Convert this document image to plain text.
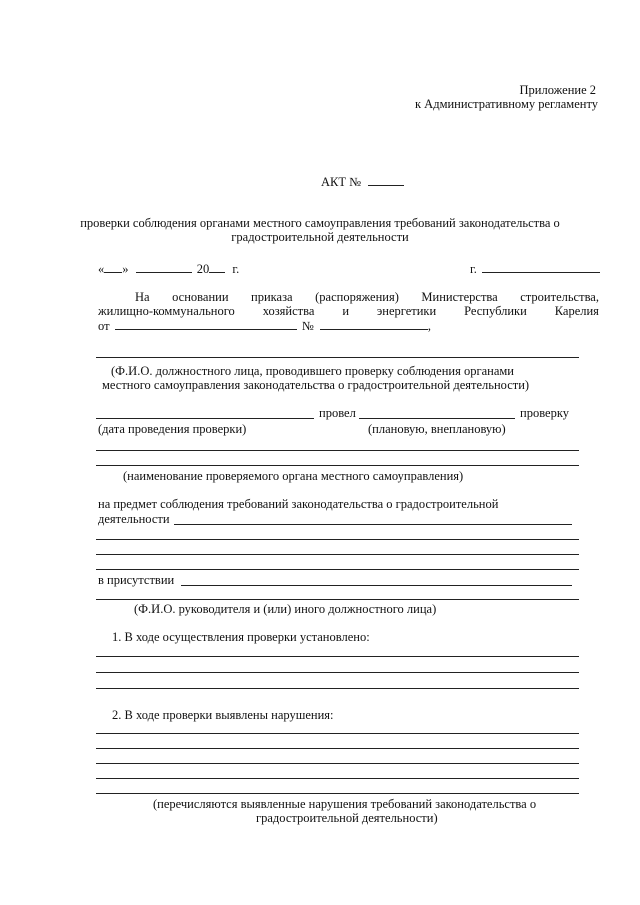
Приложение 2
к Административному регламенту
АКТ №
проверки соблюдения органами местного самоуправления требований законодательства о
градостроительной деятельности
« »	20 г.	г.
На основании приказа (распоряжения) Министерства строительства,
жилищно-коммунального хозяйства и энергетики Республики Карелия
от	№	,
(Ф.И.О. должностного лица, проводившего проверку соблюдения органами
местного самоуправления законодательства о градостроительной деятельности)
провел	проверку
(дата проведения проверки)	(плановую, внеплановую)
(наименование проверяемого органа местного самоуправления)
на предмет соблюдения требований законодательства о градостроительной
деятельности
в присутствии
(Ф.И.О. руководителя и (или) иного должностного лица)
1. В ходе осуществления проверки установлено:
2. В ходе проверки выявлены нарушения:
(перечисляются выявленные нарушения требований законодательства о
градостроительной деятельности)
